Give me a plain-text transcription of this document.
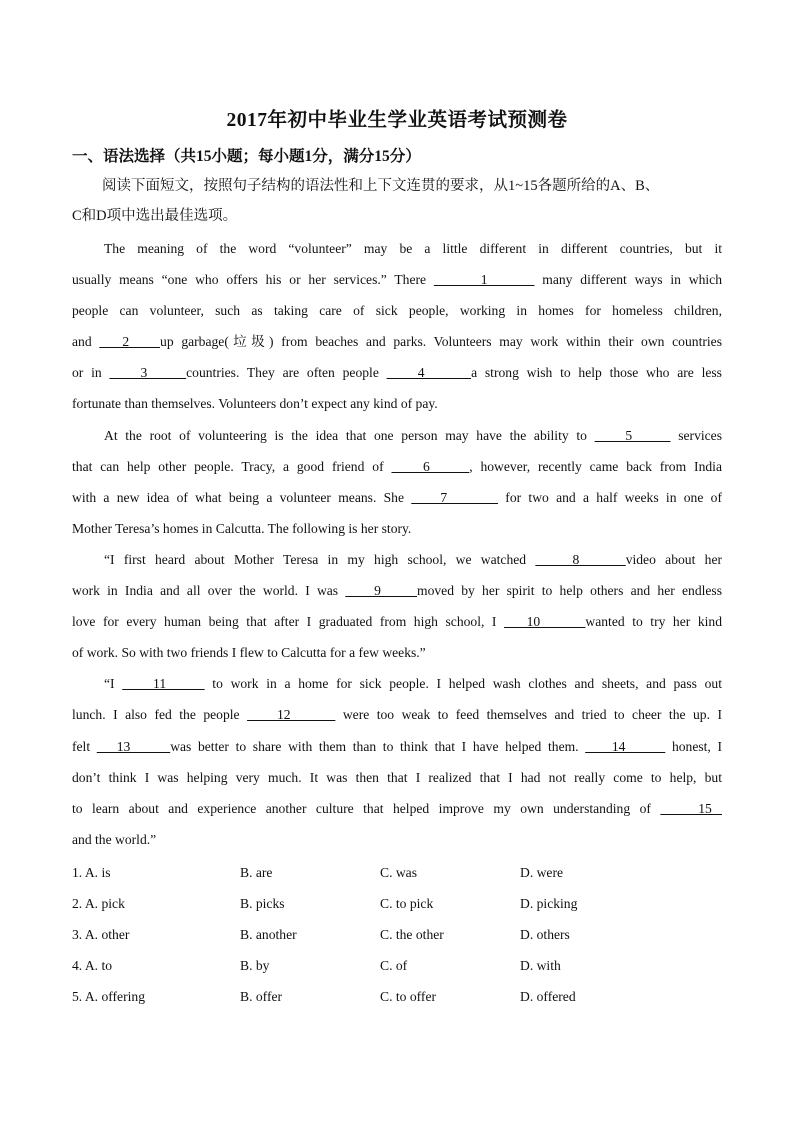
2017年初中毕业生学业英语考试预测卷
一、语法选择（共15小题；每小题1分，满分15分）
阅读下面短文，按照句子结构的语法性和上下文连贯的要求，从1~15各题所给的A、B、
C和D项中选出最佳选项。
The meaning of the word “volunteer” may be a little different in different countries, but it
usually means “one who offers his or her services.” There       1       many different ways in which
people can volunteer, such as taking care of sick people, working in homes for homeless children,
and    2    up garbage(垃圾) from beaches and parks. Volunteers may work within their own countries
or in     3     countries. They are often people     4      a strong wish to help those who are less
fortunate than themselves. Volunteers don’t expect any kind of pay.
At the root of volunteering is the idea that one person may have the ability to     5      services
that can help other people. Tracy, a good friend of     6     , however, recently came back from India
with a new idea of what being a volunteer means. She     7        for two and a half weeks in one of
Mother Teresa’s homes in Calcutta. The following is her story.
“I first heard about Mother Teresa in my high school, we watched     8     video about her
work in India and all over the world. I was     9     moved by her spirit to help others and her endless
love for every human being that after I graduated from high school, I    10      wanted to try her kind
of work. So with two friends I flew to Calcutta for a few weeks.”
“I     11      to work in a home for sick people. I helped wash clothes and sheets, and pass out
lunch. I also fed the people     12       were too weak to feed themselves and tried to cheer the up. I
felt    13      was better to share with them than to think that I have helped them.     14       honest, I
don’t think I was helping very much. It was then that I realized that I had not really come to help, but
to learn about and experience another culture that helped improve my own understanding of     15
and the world.”
1. A. is	B. are	C. was	D. were
2. A. pick	B. picks	C. to pick	D. picking
3. A. other	B. another	C. the other	D. others
4. A. to	B. by	C. of	D. with
5. A. offering	B. offer	C. to offer	D. offered
